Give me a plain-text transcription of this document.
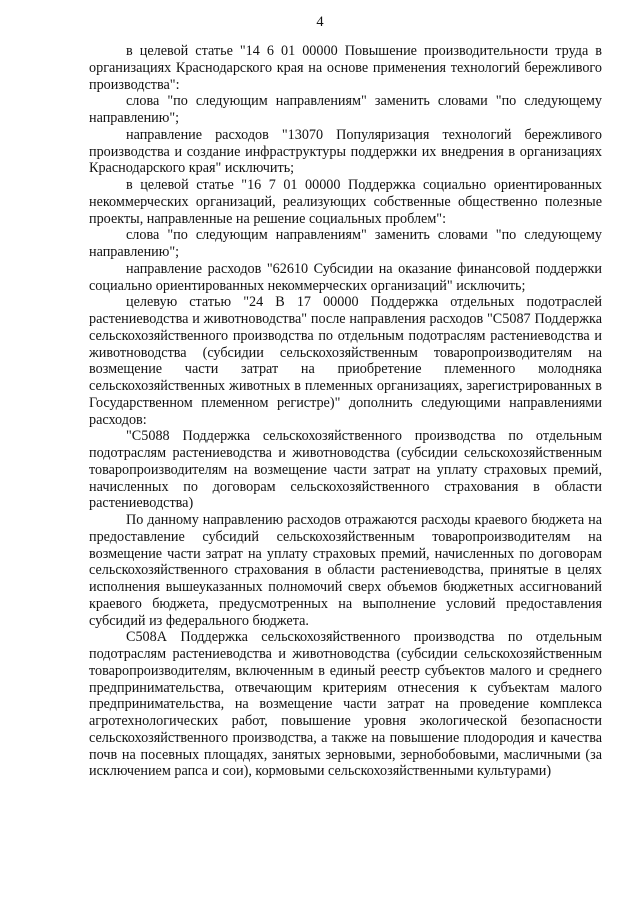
4

в целевой статье "14 6 01 00000 Повышение производительности труда в организациях Краснодарского края на основе применения технологий бережливого производства":

слова "по следующим направлениям" заменить словами "по следующему направлению";

направление расходов "13070 Популяризация технологий бережливого производства и создание инфраструктуры поддержки их внедрения в организациях Краснодарского края" исключить;

в целевой статье "16 7 01 00000 Поддержка социально ориентированных некоммерческих организаций, реализующих собственные общественно полезные проекты, направленные на решение социальных проблем":

слова "по следующим направлениям" заменить словами "по следующему направлению";

направление расходов "62610 Субсидии на оказание финансовой поддержки социально ориентированных некоммерческих организаций" исключить;

целевую статью "24 В 17 00000 Поддержка отдельных подотраслей растениеводства и животноводства" после направления расходов "С5087 Поддержка сельскохозяйственного производства по отдельным подотраслям растениеводства и животноводства (субсидии сельскохозяйственным товаропроизводителям на возмещение части затрат на приобретение племенного молодняка сельскохозяйственных животных в племенных организациях, зарегистрированных в Государственном племенном регистре)" дополнить следующими направлениями расходов:

"С5088 Поддержка сельскохозяйственного производства по отдельным подотраслям растениеводства и животноводства (субсидии сельскохозяйственным товаропроизводителям на возмещение части затрат на уплату страховых премий, начисленных по договорам сельскохозяйственного страхования в области растениеводства)

По данному направлению расходов отражаются расходы краевого бюджета на предоставление субсидий сельскохозяйственным товаропроизводителям на возмещение части затрат на уплату страховых премий, начисленных по договорам сельскохозяйственного страхования в области растениеводства, принятые в целях исполнения вышеуказанных полномочий сверх объемов бюджетных ассигнований краевого бюджета, предусмотренных на выполнение условий предоставления субсидий из федерального бюджета.

С508А Поддержка сельскохозяйственного производства по отдельным подотраслям растениеводства и животноводства (субсидии сельскохозяйственным товаропроизводителям, включенным в единый реестр субъектов малого и среднего предпринимательства, отвечающим критериям отнесения к субъектам малого предпринимательства, на возмещение части затрат на проведение комплекса агротехнологических работ, повышение уровня экологической безопасности сельскохозяйственного производства, а также на повышение плодородия и качества почв на посевных площадях, занятых зерновыми, зернобобовыми, масличными (за исключением рапса и сои), кормовыми сельскохозяйственными культурами)
